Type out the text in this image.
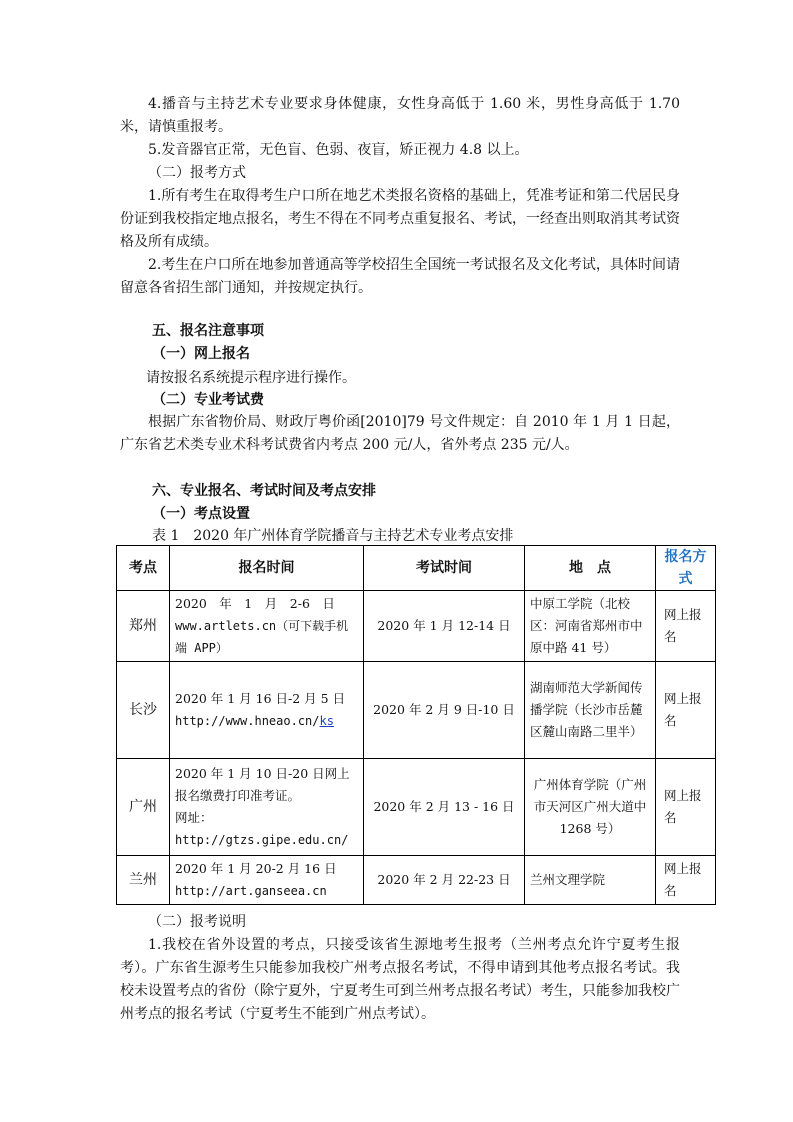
4.播音与主持艺术专业要求身体健康，女性身高低于 1.60 米，男性身高低于 1.70 米，请慎重报考。

5.发音器官正常，无色盲、色弱、夜盲，矫正视力 4.8 以上。

（二）报考方式

1.所有考生在取得考生户口所在地艺术类报名资格的基础上，凭准考证和第二代居民身份证到我校指定地点报名，考生不得在不同考点重复报名、考试，一经查出则取消其考试资格及所有成绩。

2.考生在户口所在地参加普通高等学校招生全国统一考试报名及文化考试，具体时间请留意各省招生部门通知，并按规定执行。

五、报名注意事项
（一）网上报名

请按报名系统提示程序进行操作。

（二）专业考试费

根据广东省物价局、财政厅粤价函[2010]79 号文件规定：自 2010 年 1 月 1 日起，广东省艺术类专业术科考试费省内考点 200 元/人，省外考点 235 元/人。

六、专业报名、考试时间及考点安排
（一）考点设置
表 1　2020 年广州体育学院播音与主持艺术专业考点安排
考点	报名时间	考试时间	地　点	报名方式
郑州	2020　年　1　月　2-6　日
www.artlets.cn（可下载手机端 APP）	2020 年 1 月 12-14 日	中原工学院（北校区：河南省郑州市中原中路 41 号）	网上报名
长沙	2020 年 1 月 16 日-2 月 5 日
http://www.hneao.cn/ks	2020 年 2 月 9 日-10 日	湖南师范大学新闻传播学院（长沙市岳麓区麓山南路二里半）	网上报名
广州	2020 年 1 月 10 日-20 日网上报名缴费打印准考证。
网址：
http://gtzs.gipe.edu.cn/	2020 年 2 月 13 - 16 日	广州体育学院（广州市天河区广州大道中 1268 号）	网上报名
兰州	2020 年 1 月 20-2 月 16 日
http://art.ganseea.cn	2020 年 2 月 22-23 日	兰州文理学院	网上报名

（二）报考说明

1.我校在省外设置的考点，只接受该省生源地考生报考（兰州考点允许宁夏考生报考）。广东省生源考生只能参加我校广州考点报名考试，不得申请到其他考点报名考试。我校未设置考点的省份（除宁夏外，宁夏考生可到兰州考点报名考试）考生，只能参加我校广州考点的报名考试（宁夏考生不能到广州点考试）。
